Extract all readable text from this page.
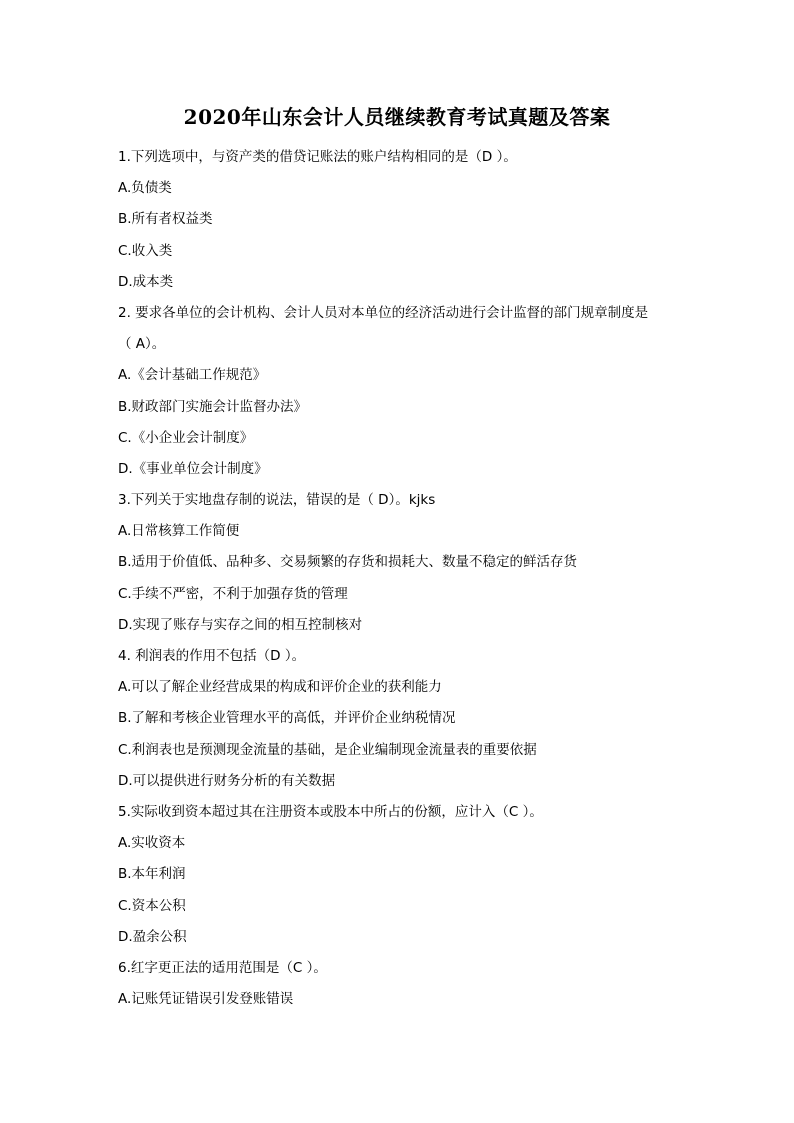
2020年山东会计人员继续教育考试真题及答案
1.下列选项中，与资产类的借贷记账法的账户结构相同的是（D ）。
A.负债类
B.所有者权益类
C.收入类
D.成本类
2. 要求各单位的会计机构、会计人员对本单位的经济活动进行会计监督的部门规章制度是
（ A）。
A.《会计基础工作规范》
B.财政部门实施会计监督办法》
C.《小企业会计制度》
D.《事业单位会计制度》
3.下列关于实地盘存制的说法，错误的是（ D）。kjks
A.日常核算工作简便
B.适用于价值低、品种多、交易频繁的存货和损耗大、数量不稳定的鲜活存货
C.手续不严密，不利于加强存货的管理
D.实现了账存与实存之间的相互控制核对
4. 利润表的作用不包括（D ）。
A.可以了解企业经营成果的构成和评价企业的获利能力
B.了解和考核企业管理水平的高低，并评价企业纳税情况
C.利润表也是预测现金流量的基础，是企业编制现金流量表的重要依据
D.可以提供进行财务分析的有关数据
5.实际收到资本超过其在注册资本或股本中所占的份额，应计入（C ）。
A.实收资本
B.本年利润
C.资本公积
D.盈余公积
6.红字更正法的适用范围是（C ）。
A.记账凭证错误引发登账错误
